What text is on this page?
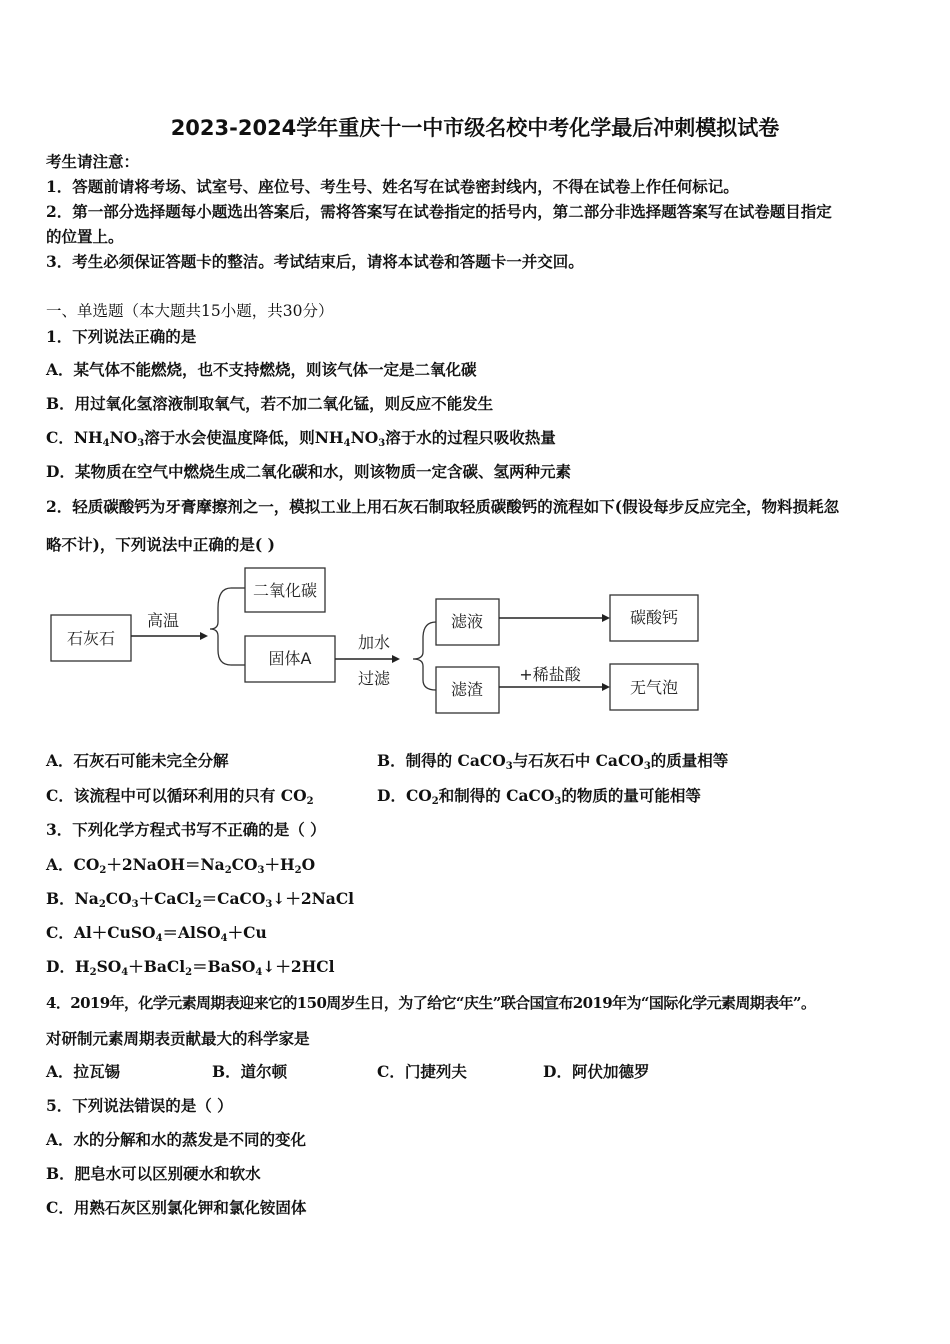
2023-2024学年重庆十一中市级名校中考化学最后冲刺模拟试卷
考生请注意：
1．答题前请将考场、试室号、座位号、考生号、姓名写在试卷密封线内，不得在试卷上作任何标记。
2．第一部分选择题每小题选出答案后，需将答案写在试卷指定的括号内，第二部分非选择题答案写在试卷题目指定
的位置上。
3．考生必须保证答题卡的整洁。考试结束后，请将本试卷和答题卡一并交回。
一、单选题（本大题共15小题，共30分）
1．下列说法正确的是
A．某气体不能燃烧，也不支持燃烧，则该气体一定是二氧化碳
B．用过氧化氢溶液制取氧气，若不加二氧化锰，则反应不能发生
C．$NH_4NO_3$溶于水会使温度降低，则$NH_4NO_3$溶于水的过程只吸收热量
D．某物质在空气中燃烧生成二氧化碳和水，则该物质一定含碳、氢两种元素
2．轻质碳酸钙为牙膏摩擦剂之一，模拟工业上用石灰石制取轻质碳酸钙的流程如下(假设每步反应完全，物料损耗忽
略不计)，下列说法中正确的是( )
石灰石
高温
二氧化碳
固体A
加水
过滤
滤液
滤渣
碳酸钙
+稀盐酸
无气泡
A．石灰石可能未完全分解	B．制得的 CaCO$_3$与石灰石中 CaCO$_3$的质量相等
C．该流程中可以循环利用的只有 $CO_2$	D．$CO_2$和制得的 CaCO$_3$的物质的量可能相等
3．下列化学方程式书写不正确的是（ ）
A．$CO_2+2NaOH=Na_2CO_3+H_2O$
B．$Na_2CO_3+CaCl_2=CaCO_3↓+2NaCl$
C．Al＋CuSO$_4$＝AlSO$_4$＋Cu
D．$H_2SO_4+BaCl_2=BaSO_4↓+2HCl$
4．2019年，化学元素周期表迎来它的150周岁生日，为了给它“庆生”联合国宣布2019年为“国际化学元素周期表年”。
对研制元素周期表贡献最大的科学家是
A．拉瓦锡	B．道尔顿	C．门捷列夫	D．阿伏加德罗
5．下列说法错误的是（ ）
A．水的分解和水的蒸发是不同的变化
B．肥皂水可以区别硬水和软水
C．用熟石灰区别氯化钾和氯化铵固体
